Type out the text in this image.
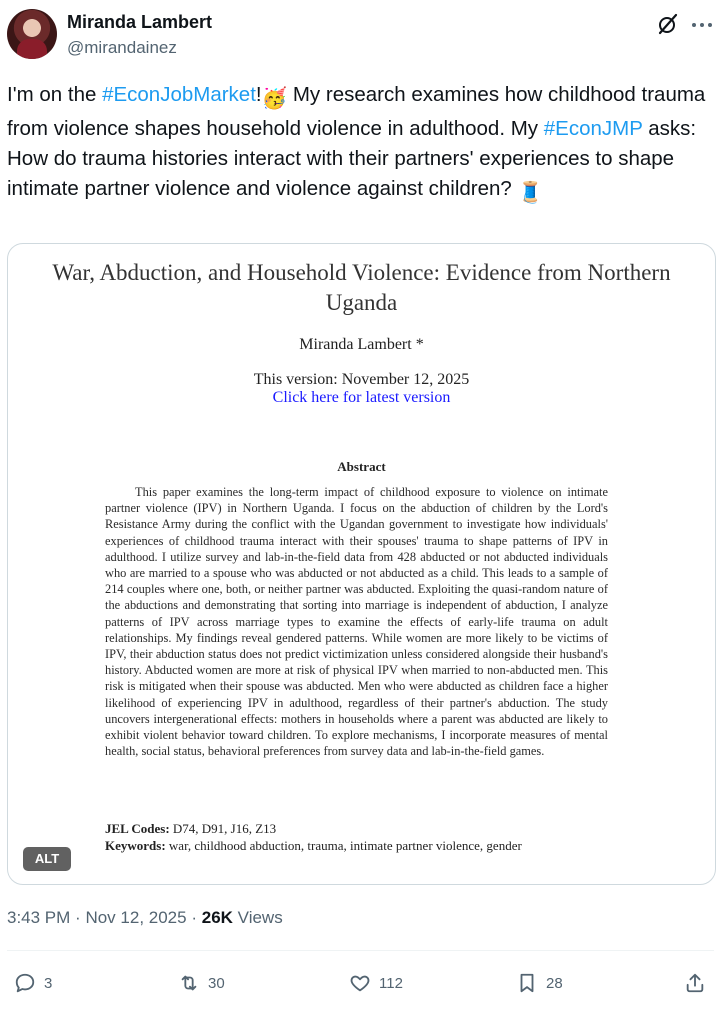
Miranda Lambert
@mirandainez
I'm on the #EconJobMarket!🥳 My research examines how childhood trauma from violence shapes household violence in adulthood. My #EconJMP asks: How do trauma histories interact with their partners' experiences to shape intimate partner violence and violence against children? 🧵
War, Abduction, and Household Violence: Evidence from Northern Uganda
Miranda Lambert *
This version: November 12, 2025
Click here for latest version
Abstract
This paper examines the long-term impact of childhood exposure to violence on intimate partner violence (IPV) in Northern Uganda. I focus on the abduction of children by the Lord's Resistance Army during the conflict with the Ugandan government to investigate how individuals' experiences of childhood trauma interact with their spouses' trauma to shape patterns of IPV in adulthood. I utilize survey and lab-in-the-field data from 428 abducted or not abducted individuals who are married to a spouse who was abducted or not abducted as a child. This leads to a sample of 214 couples where one, both, or neither partner was abducted. Exploiting the quasi-random nature of the abductions and demonstrating that sorting into marriage is independent of abduction, I analyze patterns of IPV across marriage types to examine the effects of early-life trauma on adult relationships. My findings reveal gendered patterns. While women are more likely to be victims of IPV, their abduction status does not predict victimization unless considered alongside their husband's history. Abducted women are more at risk of physical IPV when married to non-abducted men. This risk is mitigated when their spouse was abducted. Men who were abducted as children face a higher likelihood of experiencing IPV in adulthood, regardless of their partner's abduction. The study uncovers intergenerational effects: mothers in households where a parent was abducted are likely to exhibit violent behavior toward children. To explore mechanisms, I incorporate measures of mental health, social status, behavioral preferences from survey data and lab-in-the-field games.
JEL Codes: D74, D91, J16, Z13
Keywords: war, childhood abduction, trauma, intimate partner violence, gender
ALT
3:43 PM · Nov 12, 2025 · 26K Views
3	30	112	28
